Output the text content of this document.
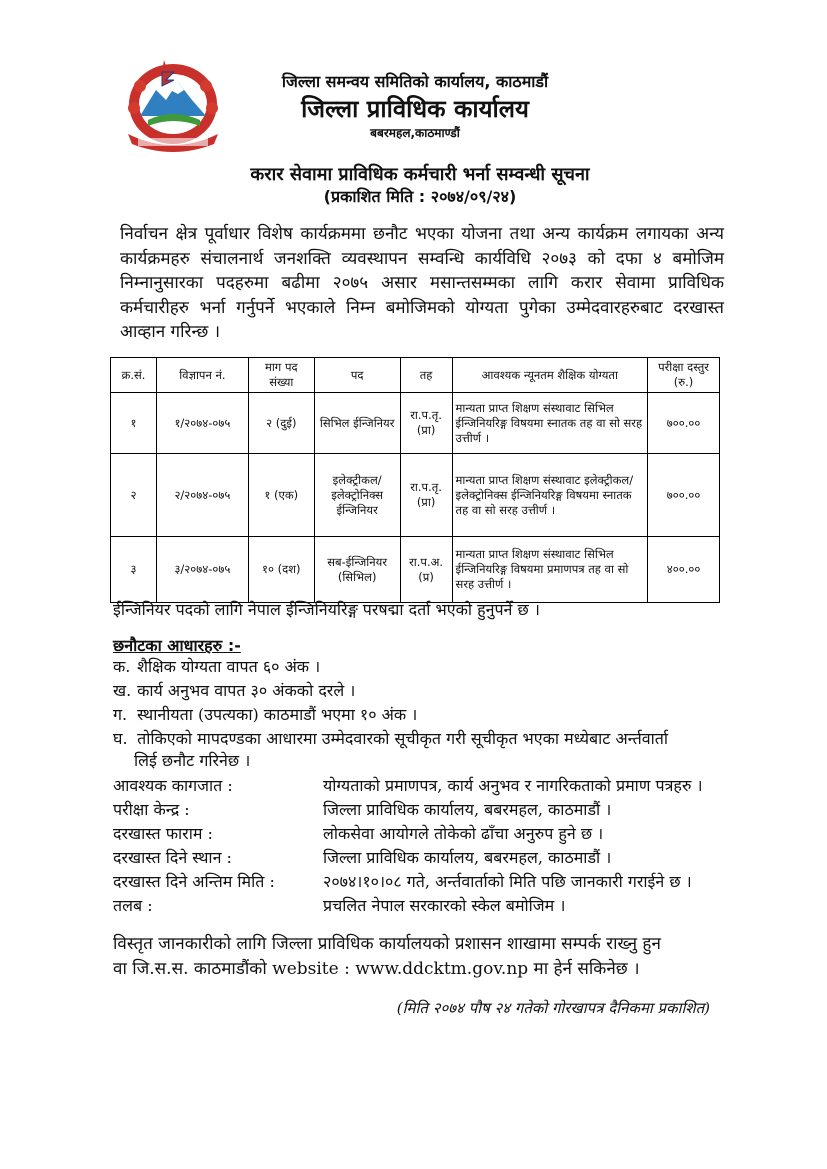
जिल्ला समन्वय समितिको कार्यालय, काठमाडौं
जिल्ला प्राविधिक कार्यालय
बबरमहल,काठमाण्डौं
करार सेवामा प्राविधिक कर्मचारी भर्ना सम्वन्धी सूचना
(प्रकाशित मिति : २०७४/०९/२४)
निर्वाचन क्षेत्र पूर्वाधार विशेष कार्यक्रममा छनौट भएका योजना तथा अन्य कार्यक्रम लगायका अन्य कार्यक्रमहरु संचालनार्थ जनशक्ति व्यवस्थापन सम्वन्धि कार्यविधि २०७३ को दफा ४ बमोजिम निम्नानुसारका पदहरुमा बढीमा २०७५ असार मसान्तसम्मका लागि करार सेवामा प्राविधिक कर्मचारीहरु भर्ना गर्नुपर्ने भएकाले निम्न बमोजिमको योग्यता पुगेका उम्मेदवारहरुबाट दरखास्त आव्हान गरिन्छ ।
क्र.सं.	विज्ञापन नं.	माग पद संख्या	पद	तह	आवश्यक न्यूनतम शैक्षिक योग्यता	परीक्षा दस्तुर (रु.)
१	१/२०७४-०७५	२ (दुई)	सिभिल ईन्जिनियर	रा.प.तृ. (प्रा)	मान्यता प्राप्त शिक्षण संस्थावाट सिभिल ईन्जिनियरिङ्ग विषयमा स्नातक तह वा सो सरह उत्तीर्ण ।	७००.००
२	२/२०७४-०७५	१ (एक)	इलेक्ट्रीकल/ इलेक्ट्रोनिक्स ईन्जिनियर	रा.प.तृ. (प्रा)	मान्यता प्राप्त शिक्षण संस्थावाट इलेक्ट्रीकल/ इलेक्ट्रोनिक्स ईन्जिनियरिङ्ग विषयमा स्नातक तह वा सो सरह उत्तीर्ण ।	७००.००
३	३/२०७४-०७५	१० (दश)	सब-ईन्जिनियर (सिभिल)	रा.प.अ. (प्र)	मान्यता प्राप्त शिक्षण संस्थावाट सिभिल ईन्जिनियरिङ्ग विषयमा प्रमाणपत्र तह वा सो सरह उत्तीर्ण ।	४००.००
ईन्जिनियर पदको लागि नेपाल ईन्जिनियरिङ्ग परषद्मा दर्ता भएको हुनुपर्ने छ ।
छनौटका आधारहरु :-
क. शैक्षिक योग्यता वापत ६० अंक ।
ख. कार्य अनुभव वापत ३० अंकको दरले ।
ग. स्थानीयता (उपत्यका) काठमाडौं भएमा १० अंक ।
घ. तोकिएको मापदण्डका आधारमा उम्मेदवारको सूचीकृत गरी सूचीकृत भएका मध्येबाट अर्न्तवार्ता
लिई छनौट गरिनेछ ।
आवश्यक कागजात :	योग्यताको प्रमाणपत्र, कार्य अनुभव र नागरिकताको प्रमाण पत्रहरु ।
परीक्षा केन्द्र :	जिल्ला प्राविधिक कार्यालय, बबरमहल, काठमाडौं ।
दरखास्त फाराम :	लोकसेवा आयोगले तोकेको ढाँचा अनुरुप हुने छ ।
दरखास्त दिने स्थान :	जिल्ला प्राविधिक कार्यालय, बबरमहल, काठमाडौं ।
दरखास्त दिने अन्तिम मिति :	२०७४।१०।०८ गते, अर्न्तवार्ताको मिति पछि जानकारी गराईने छ ।
तलब :	प्रचलित नेपाल सरकारको स्केल बमोजिम ।
विस्तृत जानकारीको लागि जिल्ला प्राविधिक कार्यालयको प्रशासन शाखामा सम्पर्क राख्नु हुन
वा जि.स.स. काठमाडौंको website : www.ddcktm.gov.np मा हेर्न सकिनेछ ।
(मिति २०७४ पौष २४ गतेको गोरखापत्र दैनिकमा प्रकाशित)
